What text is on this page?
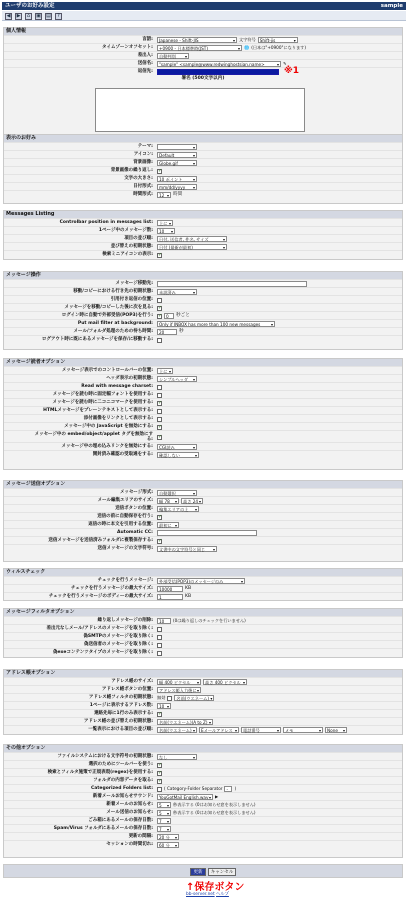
ユーザのお好み設定	sample
◀ ▶ ⌂ ▣ ▤ ?
個人情報
言語:	Japanese - Shift-JIS ▾	文字符号 Shift-jis ▾
タイムゾーンオフセット:	+0900 - 日本標準時(JST) ▾	🌐 (日本は"+0900"になります)
差出人:	自動判別 ▾
送信名:	"sample" <sample@www.redwinghostsian.name> ▾	✎
返信先:	※1
署名 (500文字以内)
表示のお好み
テーマ:
▾
アイコン:	Default ▾
背景画像:	Globe.gif ▾
背景画像の繰り返し:
✓
文字の大きさ:	10 ポイント ▾
日付形式:	mm/dd/yyyy ▾
時間形式:	12 ▾	時間
Messages Listing
Controlbar position in messages list:	上に ▾
1ページ中のメッセージ数:	10 ▾
項目の並び順:	日付, 送信者, 件名, サイズ ▾
並び替えの初期状態:	日付 (最新が最初) ▾
検索ミニアイコンの表示:
✓
メッセージ操作
メッセージ移動先:
移動/コピーにおける行き先の初期状態:	未読済み ▾
引用付き返信の位置:
メッセージを移動/コピーした後に次を見る:
✓
ログイン時に自動で外部受信(POP3)を行う:
✓	0	秒ごと
Put mail filter at background:	Only if INBOX has more than 100 new messages ▾
メール/フォルダ処理のための待ち時間:	20	秒
ログアウト時に既にあるメッセージを保存/に移動する:
メッセージ読者オプション
メッセージ表示でのコントロールバーの位置:	上に ▾
ヘッダ表示の初期状態:	シンプルヘッダ ▾
Read with message charset:
メッセージを読む時に固定幅フォントを使用する:
メッセージを読む時に二コニコマークを使用する:
✓
HTMLメッセージをプレーンテキストとして表示する:
添付画像をリンクとして表示する:
メッセージ中の JavaScript を無効にする:
✓
メッセージ中の embed/object/applet タグを無効にする:
✓
メッセージ中の埋め込みリンクを無効にする:	CGI読み ▾
開封済み確認の受取通をする:	確認しない ▾
メッセージ送信オプション
メッセージ形式:	自動選択 ▾
メール編集エリアのサイズ:	幅 78 ▾	高さ 24 ▾
送信ボタンの位置:	編集エリアの上 ▾
送信の前に自動保存を行う:
✓
返信の時に本文を引用する位置:	最初に ▾
Automatic CC:
送信メッセージを送信済みフォルダに複製保存する:
✓
送信メッセージの文字符号:	文書中の文字符号と同じ ▾
ウィルスチェック
チェックを行うメッセージ:	外部受信(POP3)のメッセージのみ ▾
チェックを行うメッセージの最大サイズ:	10000	KB
チェックを行うメッセージのボディーの最大サイズ:	1	KB
メッセージフィルタオプション
繰り返しメッセージの削除:	10	(0は繰り返しのチェックを行いません)
差出元なしメール/アドレスのメッセージを取り除く:
偽SMTPのメッセージを取り除く:
偽送信者のメッセージを取り除く:
偽exeコンテンツタイプのメッセージを取り除く:
アドレス帳オプション
アドレス帳のサイズ:	幅 400 ピクセル ▾	高さ 400 ピクセル ▾
アドレス帳ボタンの位置:	アドレス帳入力後に ▾
アドレス帳フィルタの初期状態: 無効	名前(ウエネーム) ▾
1ページに表示するアドレス数:	10 ▾
連絡先毎に1行のみ表示する:
✓
アドレス帳の並び替えの初期状態:	名前(ウエネーム)(A to Z) ▾
一覧表示における項目の並び順:	名前(ウエネーム) ▾	Eメールアドレス ▾	電話番号 ▾	メモ ▾	None ▾
その他オプション
ファイルシステムにおける文字符号の初期状態:	なし ▾
選択のためにツールバーを使う:
✓
検索とフィルタ施策で正規表現(regex)を使用する:
✓
フォルダの内容データを取る:
✓
Categorized Folders list:	( Category-Folder Separator -	)
新着メールお知らせサウンド:	YouGotMail English.wav ▾	▶
新着メールのお知らせ:	5 ▾	秒表示する (0はお知らせ窓を表示しません)
メール送信のお知らせ:	5 ▾	秒表示する (0はお知らせ窓を表示しません)
ごみ箱にあるメールの保存日数:	7 ▾
Spam/Virus フォルダにあるメールの保存日数:	7 ▾
更新の間隔:	20 分 ▾
セッションの時間切れ:	60 分 ▾
更新	キャンセル
↑保存ボタン
bb-server.net ヘルプ
